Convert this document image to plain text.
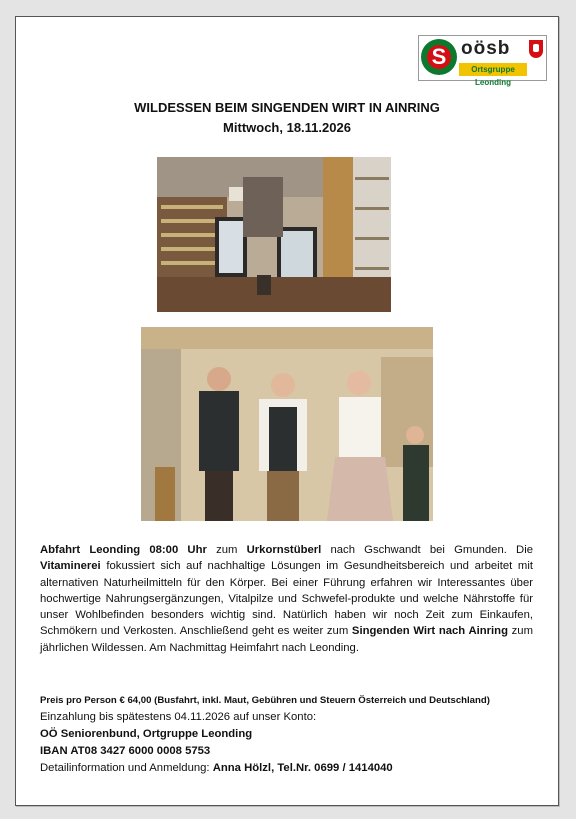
S oösb
Ortsgruppe Leonding
WILDESSEN BEIM SINGENDEN WIRT IN AINRING
Mittwoch, 18.11.2026
Abfahrt Leonding 08:00 Uhr zum Urkornstüberl nach Gschwandt bei Gmunden. Die Vitaminerei fokussiert sich auf nachhaltige Lösungen im Gesundheitsbereich und arbeitet mit alternativen Naturheilmitteln für den Körper. Bei einer Führung erfahren wir Interessantes über hochwertige Nahrungsergänzungen, Vitalpilze und Schwefel-produkte und welche Nährstoffe für unser Wohlbefinden besonders wichtig sind. Natürlich haben wir noch Zeit zum Einkaufen, Schmökern und Verkosten. Anschließend geht es weiter zum Singenden Wirt nach Ainring zum jährlichen Wildessen. Am Nachmittag Heimfahrt nach Leonding.
Preis pro Person € 64,00 (Busfahrt, inkl. Maut, Gebühren und Steuern Österreich und Deutschland)
Einzahlung bis spätestens 04.11.2026 auf unser Konto:
OÖ Seniorenbund, Ortgruppe Leonding
IBAN AT08 3427 6000 0008 5753
Detailinformation und Anmeldung: Anna Hölzl, Tel.Nr. 0699 / 1414040
